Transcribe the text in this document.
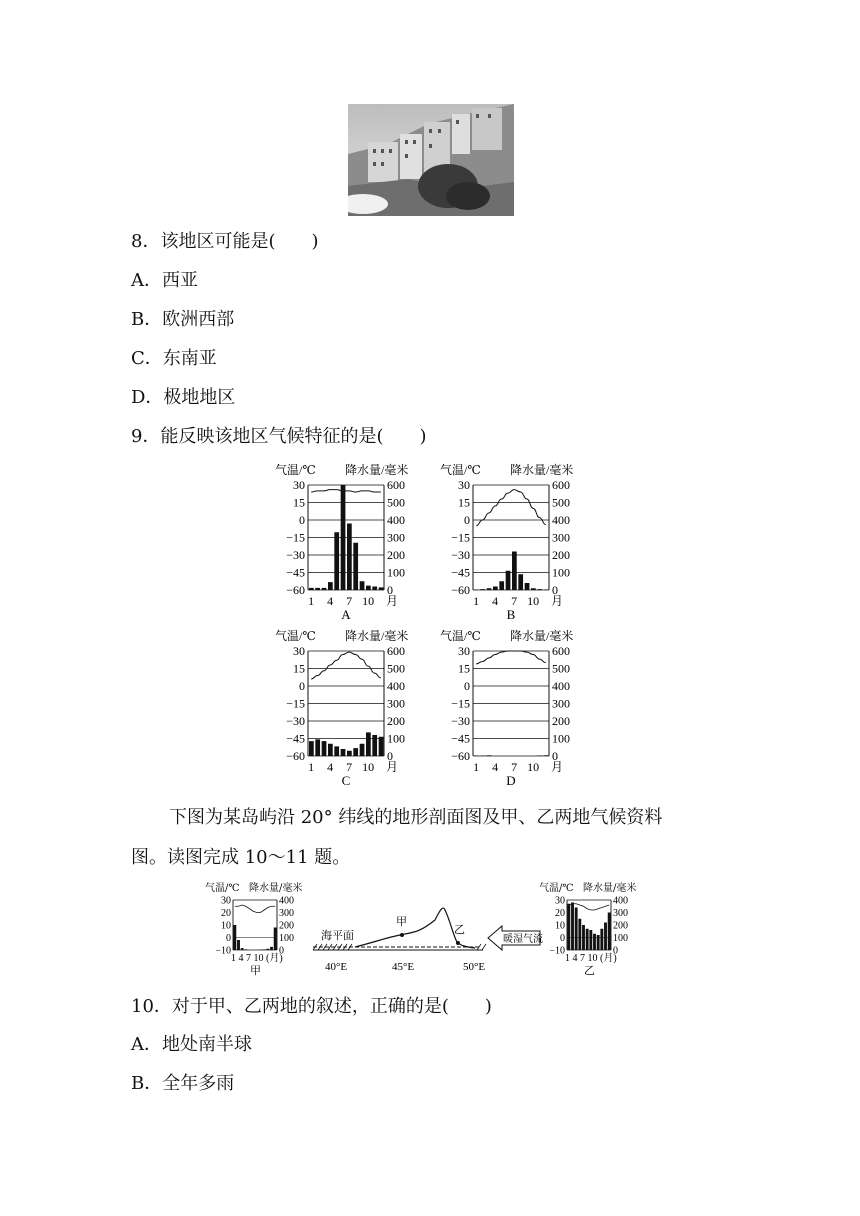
8．该地区可能是(　　)
A．西亚
B．欧洲西部
C．东南亚
D．极地地区
9．能反映该地区气候特征的是(　　)
气温/℃ 降水量/毫米
30	600
15	500
0	400
−15	300
−30	200
−45	100
−60	0
1 4 7 10 月
A
气温/℃ 降水量/毫米
30	600
15	500
0	400
−15	300
−30	200
−45	100
−60	0
1 4 7 10 月
B
气温/℃ 降水量/毫米
30	600
15	500
0	400
−15	300
−30	200
−45	100
−60	0
1 4 7 10 月
C
气温/℃ 降水量/毫米
30	600
15	500
0	400
−15	300
−30	200
−45	100
−60	0
1 4 7 10 月
D
下图为某岛屿沿 20° 纬线的地形剖面图及甲、乙两地气候资料
图。读图完成 10～11 题。
气温/℃ 降水量/毫米
30	400
20	300
10	200
0	100
−10	0
1 4 7 10 (月)
甲
气温/℃ 降水量/毫米
30	400
20	300
10	200
0	100
−10	0
1 4 7 10 (月)
乙
海平面
甲
乙
40°E	45°E	50°E
暖湿气流
10．对于甲、乙两地的叙述，正确的是(　　)
A．地处南半球
B．全年多雨
